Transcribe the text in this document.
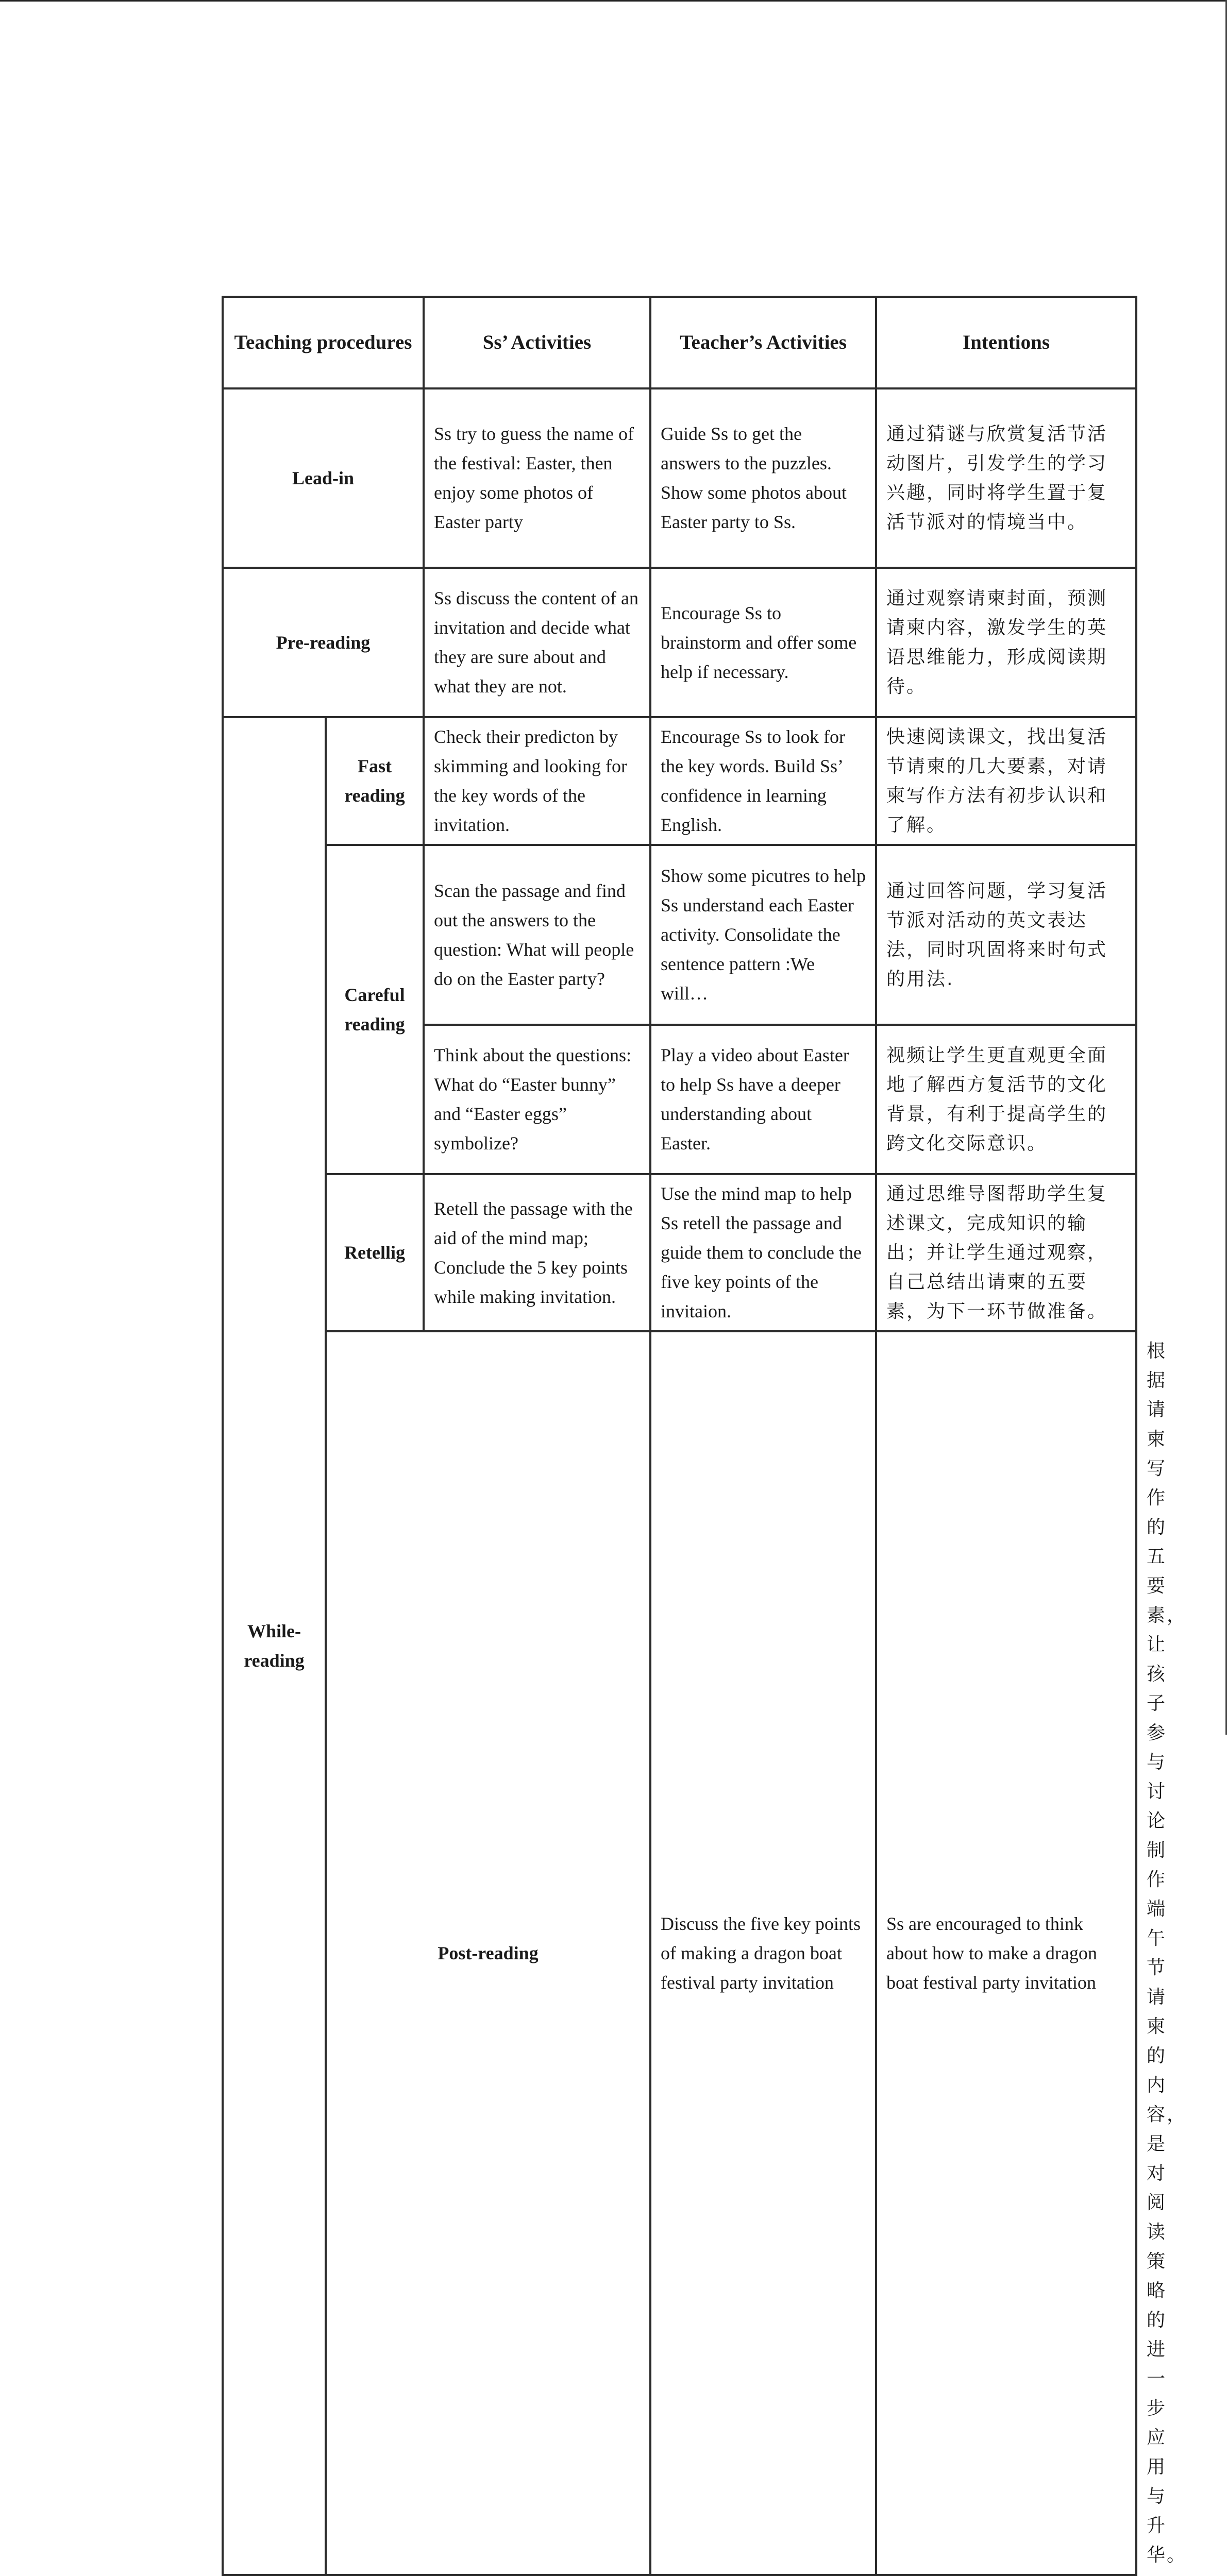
Teaching procedures		Ss’ Activities	Teacher’s Activities	Intentions	
Lead-in		Ss try to guess the name of the festival: Easter, then enjoy some photos of Easter party	Guide Ss to get the answers to the puzzles. Show some photos about Easter party to Ss.	通过猜谜与欣赏复活节活动图片，引发学生的学习兴趣，同时将学生置于复活节派对的情境当中。	
Pre-reading		Ss discuss the content of an invitation and decide what they are sure about and what they are not.	Encourage Ss to brainstorm and offer some help if necessary.	通过观察请柬封面，预测请柬内容，激发学生的英语思维能力，形成阅读期待。	
While-reading	Fast reading	Check their predicton by skimming and looking for the key words of the invitation.	Encourage Ss to look for the key words. Build Ss’ confidence in learning English.	快速阅读课文，找出复活节请柬的几大要素，对请柬写作方法有初步认识和了解。	
	Careful reading	Scan the passage and find out the answers to the question: What will people do on the Easter party?	Show some picutres to help Ss understand each Easter activity. Consolidate the sentence pattern :We will…	通过回答问题，学习复活节派对活动的英文表达法，同时巩固将来时句式的用法.	
		Think about the questions: What do “Easter bunny” and “Easter eggs” symbolize?	Play a video about Easter to help Ss have a deeper understanding about Easter.	视频让学生更直观更全面地了解西方复活节的文化背景，有利于提高学生的跨文化交际意识。	
	Retellig	Retell the passage with the aid of the mind map; Conclude the 5 key points while making invitation.	Use the mind map to help Ss retell the passage and guide them to conclude the five key points of the invitaion.	通过思维导图帮助学生复述课文，完成知识的输出；并让学生通过观察，自己总结出请柬的五要素，为下一环节做准备。	
	Post-reading		Discuss the five key points of making a dragon boat festival party invitation	Ss are encouraged to think about how to make a dragon boat festival party invitation	根据请柬写作的五要素，让孩子参与讨论制作端午节请柬的内容，是对阅读策略的进一步应用与升华。
